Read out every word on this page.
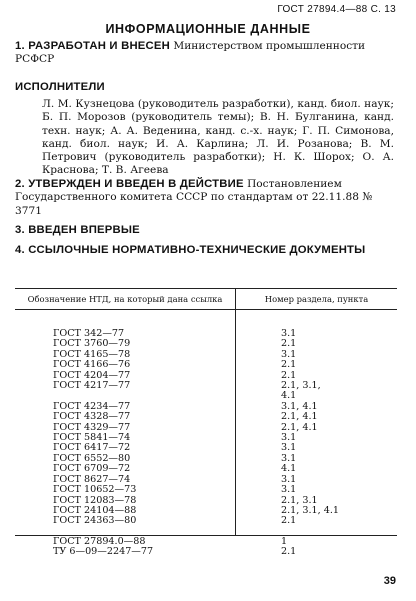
ГОСТ 27894.4—88 С. 13
ИНФОРМАЦИОННЫЕ ДАННЫЕ
1. РАЗРАБОТАН И ВНЕСЕН Министерством промышленности РСФСР
ИСПОЛНИТЕЛИ
Л. М. Кузнецова (руководитель разработки), канд. биол. наук; Б. П. Морозов (руководитель темы); В. Н. Булганина, канд. техн. наук; А. А. Веденина, канд. с.-х. наук; Г. П. Симонова, канд. биол. наук; И. А. Карлина; Л. И. Розанова; В. М. Петрович (руководитель разработки); Н. К. Шорох; О. А. Краснова; Т. В. Агеева
2. УТВЕРЖДЕН И ВВЕДЕН В ДЕЙСТВИЕ Постановлением Государственного комитета СССР по стандартам от 22.11.88 № 3771
3. ВВЕДЕН ВПЕРВЫЕ
4. ССЫЛОЧНЫЕ НОРМАТИВНО-ТЕХНИЧЕСКИЕ ДОКУМЕНТЫ
Обозначение НТД, на который дана ссылка	Номер раздела, пункта
ГОСТ 342—77	3.1
ГОСТ 3760—79	2.1
ГОСТ 4165—78	3.1
ГОСТ 4166—76	2.1
ГОСТ 4204—77	2.1
ГОСТ 4217—77	2.1, 3.1,
4.1
ГОСТ 4234—77	3.1, 4.1
ГОСТ 4328—77	2.1, 4.1
ГОСТ 4329—77	2.1, 4.1
ГОСТ 5841—74	3.1
ГОСТ 6417—72	3.1
ГОСТ 6552—80	3.1
ГОСТ 6709—72	4.1
ГОСТ 8627—74	3.1
ГОСТ 10652—73	3.1
ГОСТ 12083—78	2.1, 3.1
ГОСТ 24104—88	2.1, 3.1, 4.1
ГОСТ 24363—80	2.1
ГОСТ 27894.0—88	1
ТУ 6—09—2247—77	2.1
39
